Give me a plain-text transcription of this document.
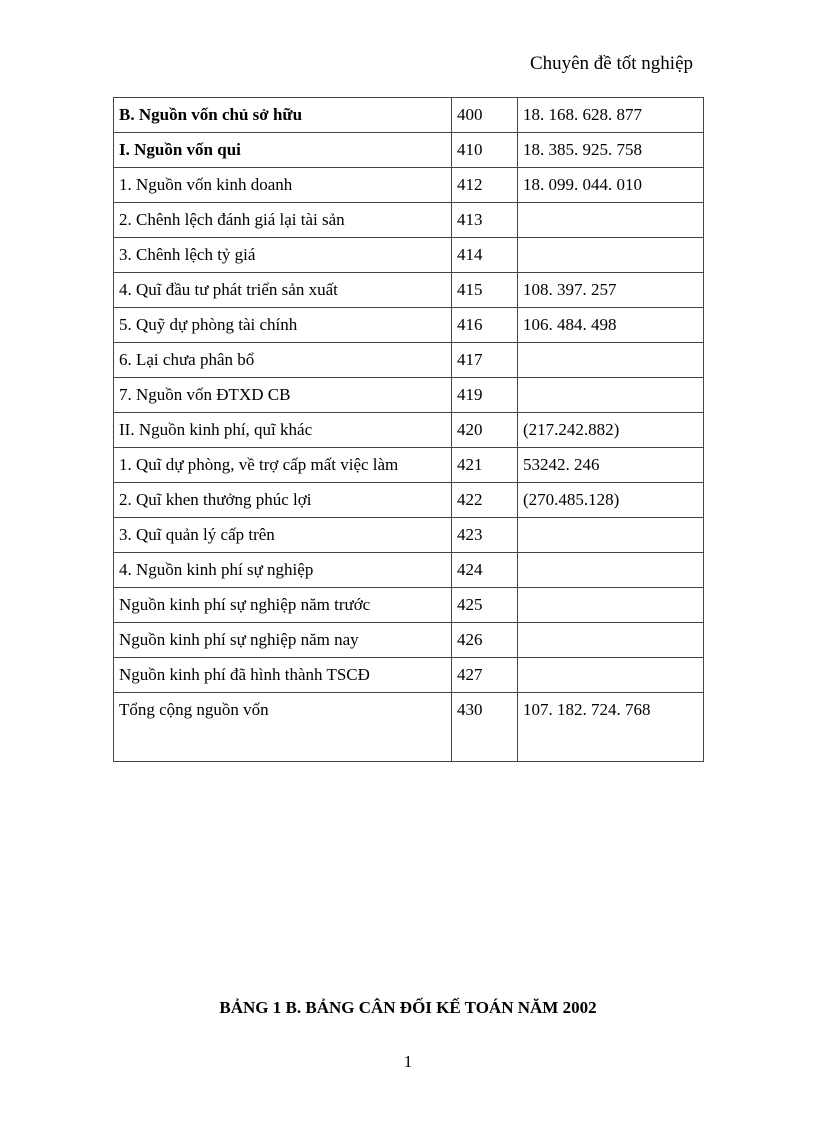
Chuyên đề tốt nghiệp
B. Nguồn vốn chủ sở hữu	400	18. 168. 628. 877
I. Nguồn vốn qui	410	18. 385. 925. 758
1. Nguồn vốn kinh doanh	412	18. 099. 044. 010
2. Chênh lệch đánh giá lại tài sản	413	
3. Chênh lệch tỷ giá	414	
4. Quĩ đầu tư phát triển sản xuất	415	108. 397. 257
5. Quỹ dự phòng tài chính	416	106. 484. 498
6. Lại chưa phân bổ	417	
7. Nguồn vốn ĐTXD CB	419	
II. Nguồn kinh phí, quĩ khác	420	(217.242.882)
1. Quĩ dự phòng, về trợ cấp mất việc làm	421	53242. 246
2. Quĩ khen thưởng phúc lợi	422	(270.485.128)
3. Quĩ quản lý cấp trên	423	
4. Nguồn kinh phí sự nghiệp	424	
Nguồn kinh phí sự nghiệp năm trước	425	
Nguồn kinh phí sự nghiệp năm nay	426	
Nguồn kinh phí đã hình thành TSCĐ	427	
Tổng cộng nguồn vốn	430	107. 182. 724. 768
BẢNG 1 B. BẢNG CÂN ĐỐI KẾ TOÁN NĂM 2002
1
